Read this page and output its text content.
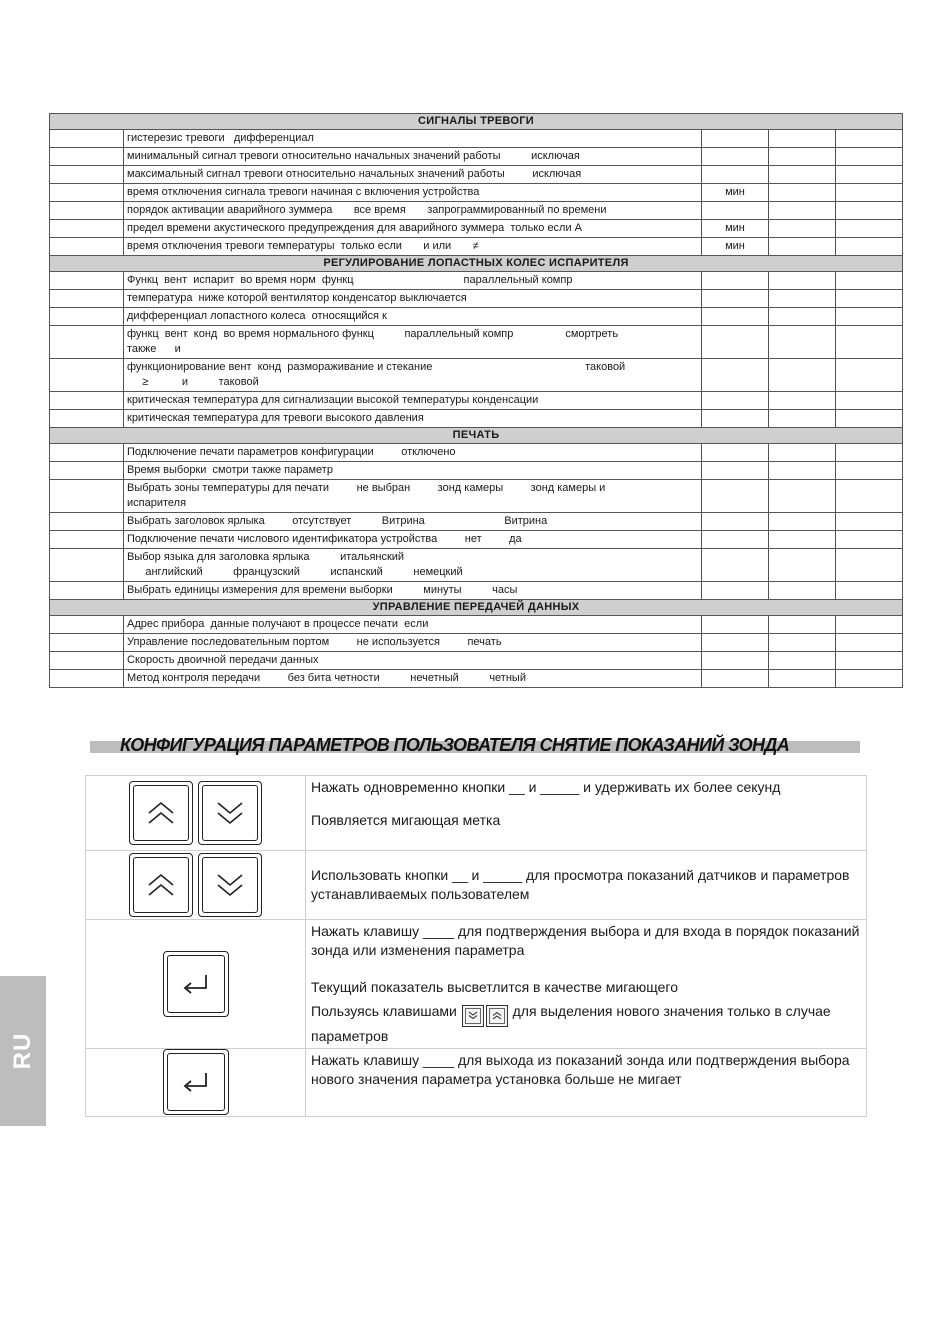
СИГНАЛЫ ТРЕВОГИ				
	гистерезис тревоги   дифференциал			
	минимальный сигнал тревоги относительно начальных значений работы          исключая			
	максимальный сигнал тревоги относительно начальных значений работы         исключая			
	время отключения сигнала тревоги начиная с включения устройства	мин		
	порядок активации аварийного зуммера       все время       запрограммированный по времени			
	предел времени акустического предупреждения для аварийного зуммера  только если A	мин		
	время отключения тревоги температуры  только если       и или       ≠	мин		
РЕГУЛИРОВАНИЕ ЛОПАСТНЫХ КОЛЕС ИСПАРИТЕЛЯ				
	Функц  вент  испарит  во время норм  функц                                    параллельный компр			
	температура  ниже которой вентилятор конденсатор выключается			
	дифференциал лопастного колеса  относящийся к			
	функц  вент  конд  во время нормального функц          параллельный компр                 смортреть
также      и			
	функционирование вент  конд  размораживание и стекание                                                  таковой
≥           и          таковой			
	критическая температура для сигнализации высокой температуры конденсации			
	критическая температура для тревоги высокого давления			
ПЕЧАТЬ				
	Подключение печати параметров конфигурации         отключено			
	Время выборки  смотри также параметр			
	Выбрать зоны температуры для печати         не выбран         зонд камеры         зонд камеры и
испарителя			
	Выбрать заголовок ярлыка         отсутствует          Витрина                          Витрина			
	Подключение печати числового идентификатора устройства         нет         да			
	Выбор языка для заголовка ярлыка          итальянский
английский          французский          испанский          немецкий			
	Выбрать единицы измерения для времени выборки          минуты          часы			
УПРАВЛЕНИЕ ПЕРЕДАЧЕЙ ДАННЫХ				
	Адрес прибора  данные получают в процессе печати  если			
	Управление последовательным портом         не используется         печать			
	Скорость двоичной передачи данных			
	Метод контроля передачи         без бита четности          нечетный          четный			
КОНФИГУРАЦИЯ ПАРАМЕТРОВ ПОЛЬЗОВАТЕЛЯ СНЯТИЕ ПОКАЗАНИЙ ЗОНДА

Нажать одновременно кнопки __ и _____ и удерживать их более секунд

Появляется мигающая метка

Использовать кнопки __ и _____ для просмотра показаний датчиков и параметров устанавливаемых пользователем

Нажать клавишу ____ для подтверждения выбора и для входа в порядок показаний зонда или изменения параметра

Текущий показатель высветлится в качестве мигающего

Пользуясь клавишами для выделения нового значения только в случае параметров

Нажать клавишу ____ для выхода из показаний зонда или подтверждения выбора нового значения параметра установка больше не мигает

RU
